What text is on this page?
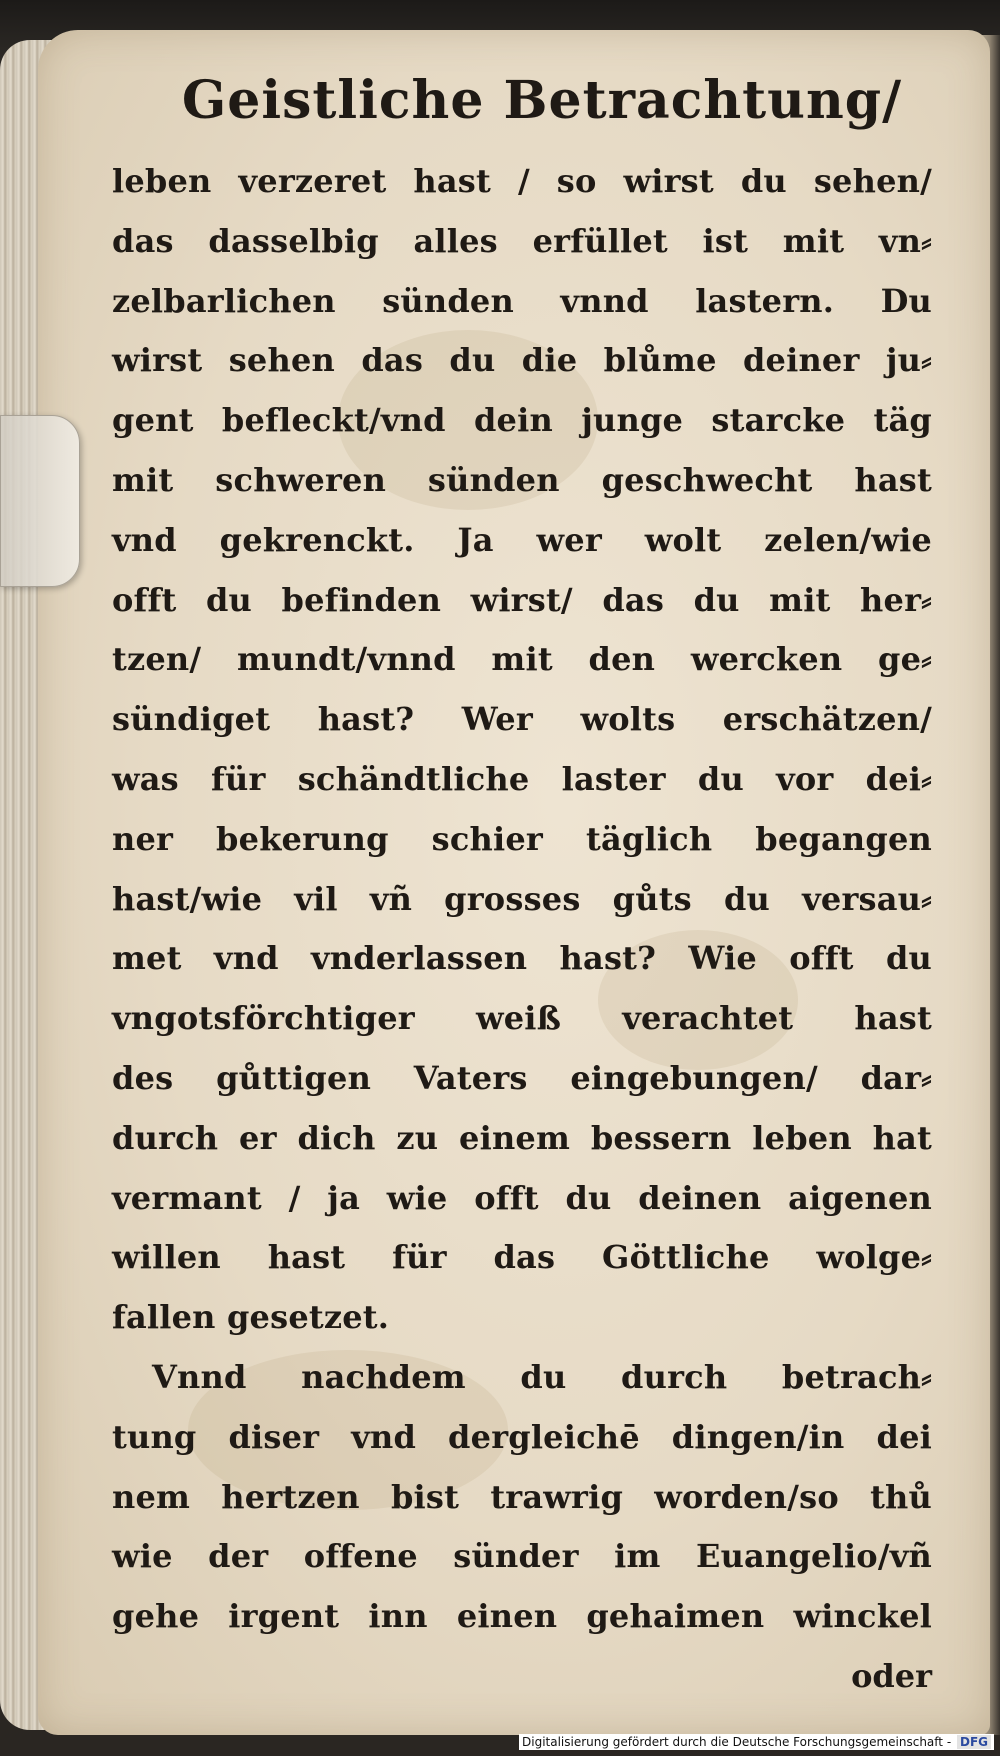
Geistliche Betrachtung/
leben verzeret hast / so wirst du sehen/
das dasselbig alles erfüllet ist mit vn⸗
zelbarlichen sünden vnnd lastern. Du
wirst sehen das du die blůme deiner ju⸗
gent befleckt/vnd dein junge starcke täg
mit schweren sünden geschwecht hast
vnd gekrenckt. Ja wer wolt zelen/wie
offt du befinden wirst/ das du mit her⸗
tzen/ mundt/vnnd mit den wercken ge⸗
sündiget hast? Wer wolts erschätzen/
was für schändtliche laster du vor dei⸗
ner bekerung schier täglich begangen
hast/wie vil vñ grosses gůts du versau⸗
met vnd vnderlassen hast? Wie offt du
vngotsförchtiger weiß verachtet hast
des gůttigen Vaters eingebungen/ dar⸗
durch er dich zu einem bessern leben hat
vermant / ja wie offt du deinen aigenen
willen hast für das Göttliche wolge⸗
fallen gesetzet.
Vnnd nachdem du durch betrach⸗
tung diser vnd dergleichē dingen/in dei
nem hertzen bist trawrig worden/so thů
wie der offene sünder im Euangelio/vñ
gehe irgent inn einen gehaimen winckel
oder
Digitalisierung gefördert durch die Deutsche Forschungsgemeinschaft - DFG
